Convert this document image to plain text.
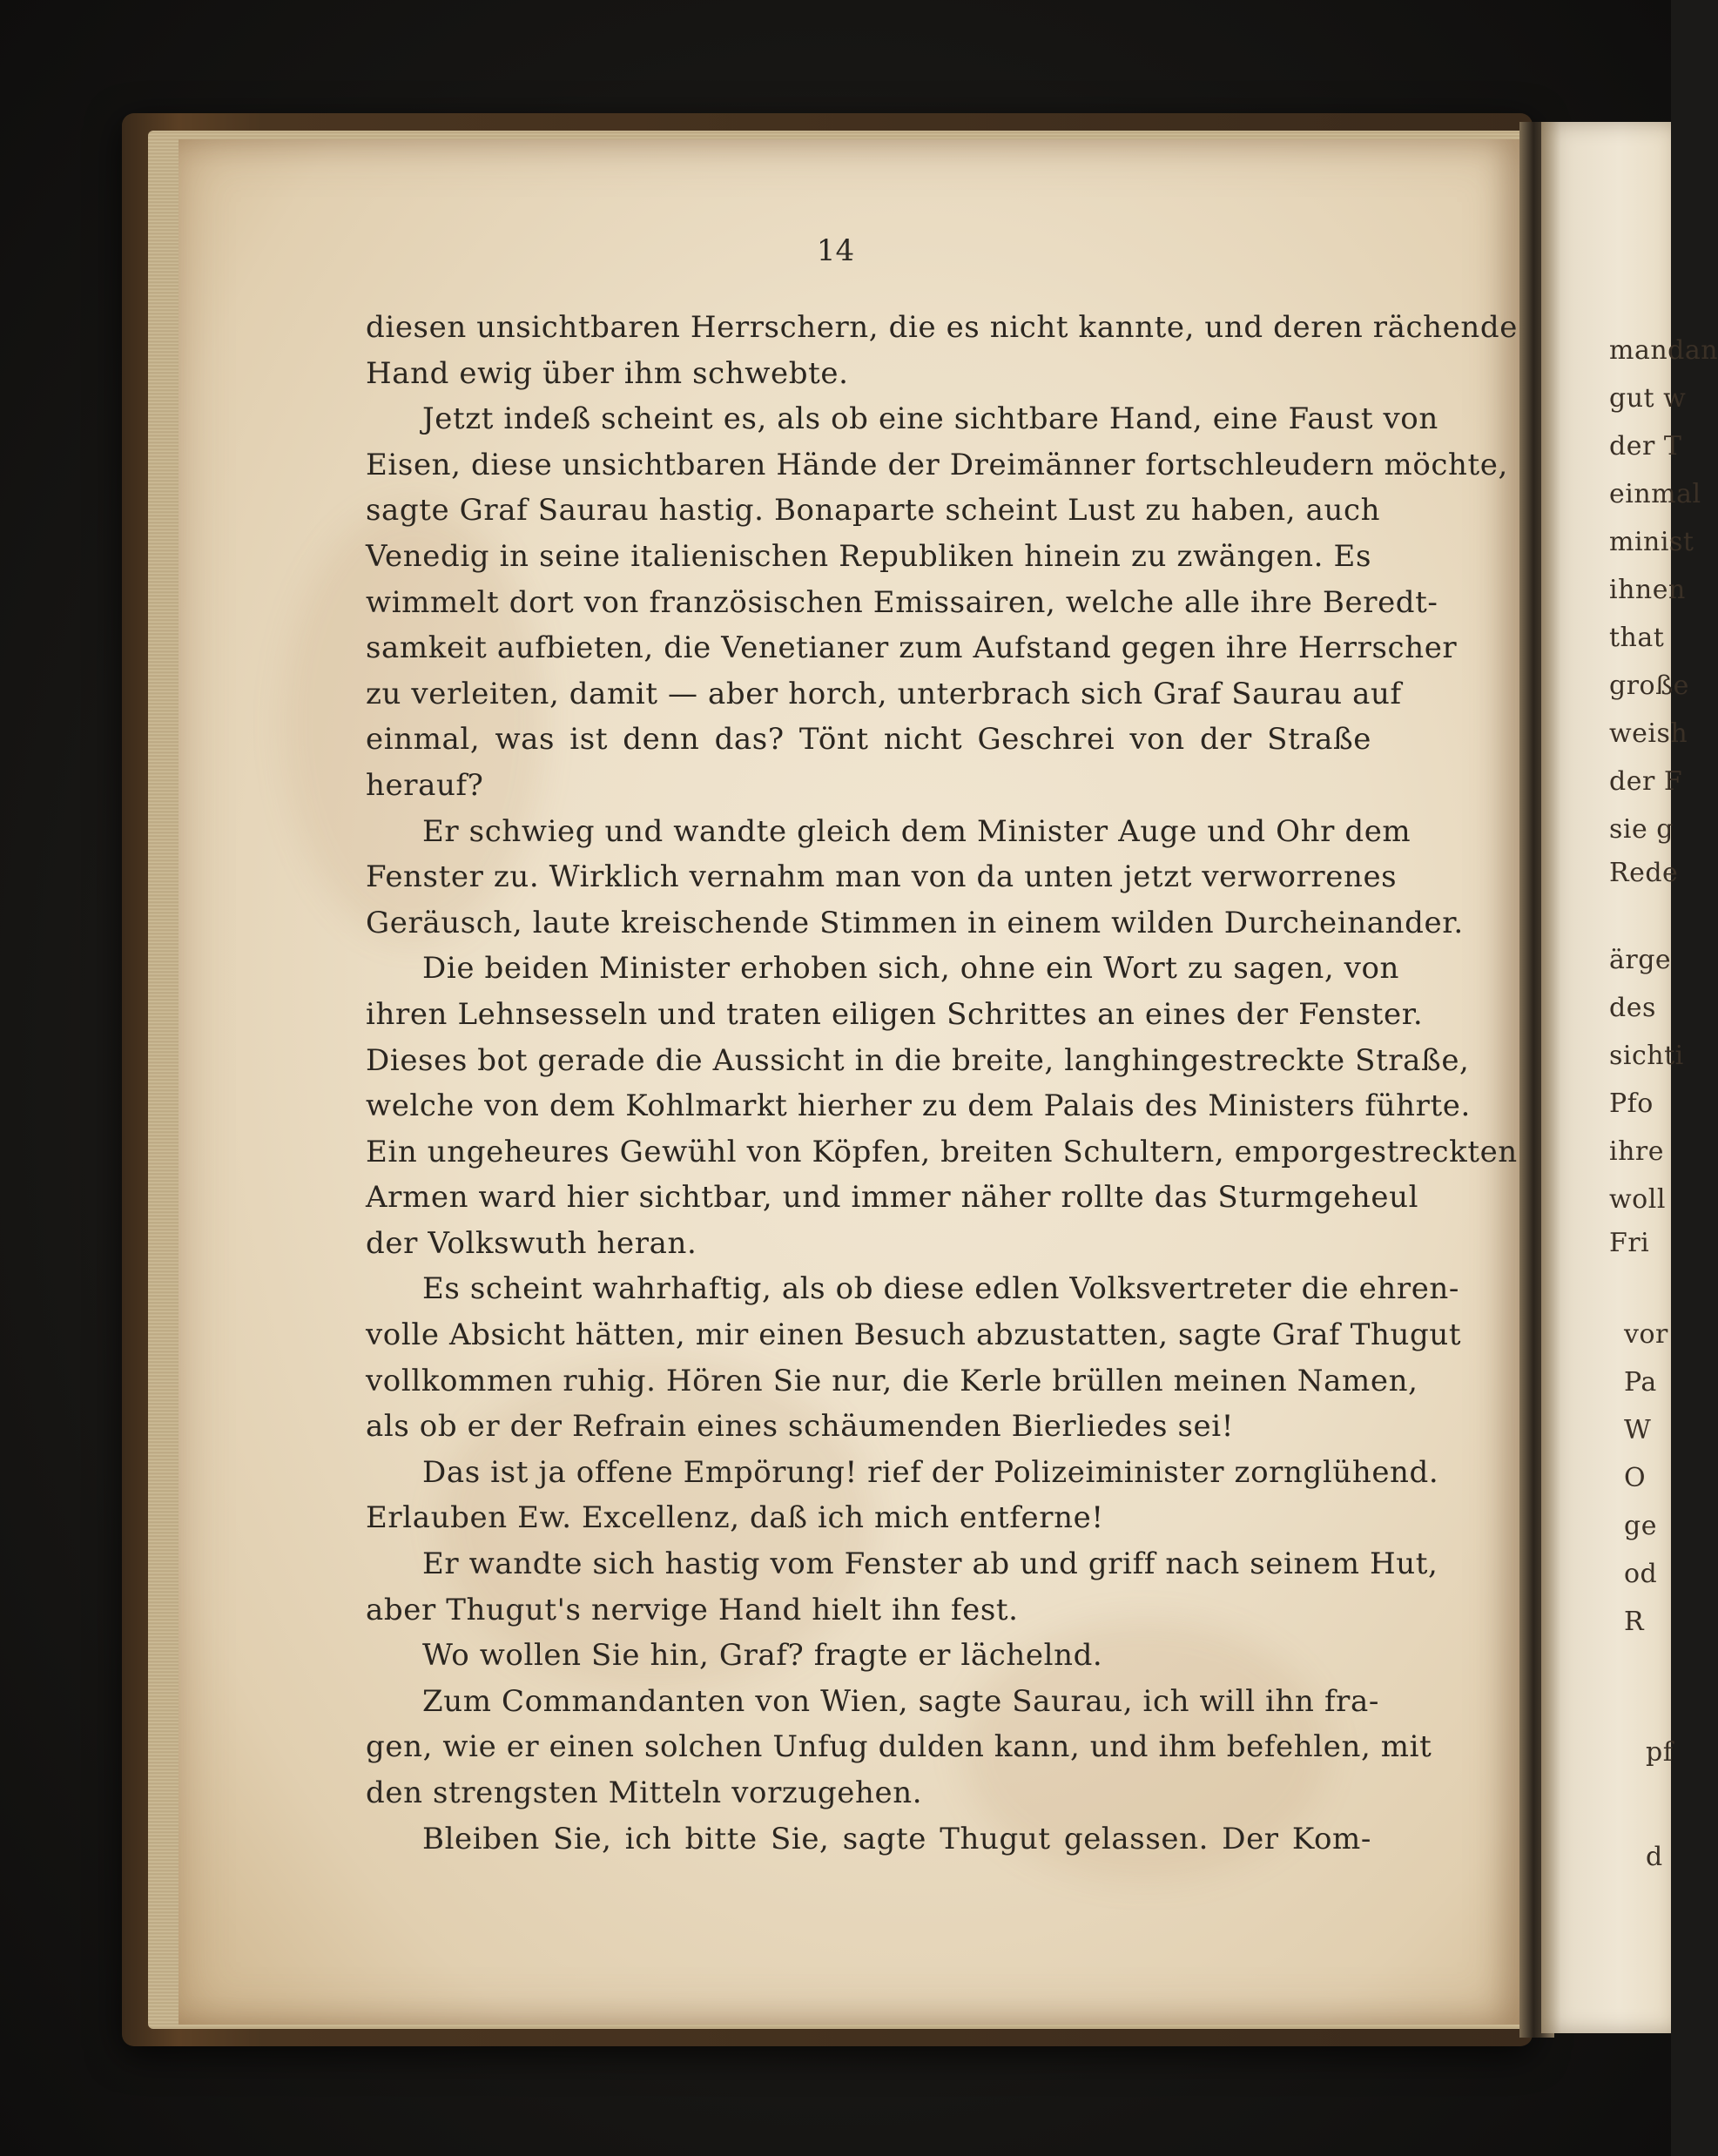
mandan
gut w
der T
einmal
minist
ihnen
that
große
weish
der F
sie g
Rede
ärge
des
sichti
Pfo
ihre
woll
Fri
vor
Pa
W
O
ge
od
R
pf
d
14
diesen unsichtbaren Herrschern, die es nicht kannte, und deren rächende
Hand ewig über ihm schwebte.
Jetzt indeß scheint es, als ob eine sichtbare Hand, eine Faust von
Eisen, diese unsichtbaren Hände der Dreimänner fortschleudern möchte,
sagte Graf Saurau hastig. Bonaparte scheint Lust zu haben, auch
Venedig in seine italienischen Republiken hinein zu zwängen. Es
wimmelt dort von französischen Emissairen, welche alle ihre Beredt-
samkeit aufbieten, die Venetianer zum Aufstand gegen ihre Herrscher
zu verleiten, damit — aber horch, unterbrach sich Graf Saurau auf
einmal, was ist denn das? Tönt nicht Geschrei von der Straße
herauf?
Er schwieg und wandte gleich dem Minister Auge und Ohr dem
Fenster zu. Wirklich vernahm man von da unten jetzt verworrenes
Geräusch, laute kreischende Stimmen in einem wilden Durcheinander.
Die beiden Minister erhoben sich, ohne ein Wort zu sagen, von
ihren Lehnsesseln und traten eiligen Schrittes an eines der Fenster.
Dieses bot gerade die Aussicht in die breite, langhingestreckte Straße,
welche von dem Kohlmarkt hierher zu dem Palais des Ministers führte.
Ein ungeheures Gewühl von Köpfen, breiten Schultern, emporgestreckten
Armen ward hier sichtbar, und immer näher rollte das Sturmgeheul
der Volkswuth heran.
Es scheint wahrhaftig, als ob diese edlen Volksvertreter die ehren-
volle Absicht hätten, mir einen Besuch abzustatten, sagte Graf Thugut
vollkommen ruhig. Hören Sie nur, die Kerle brüllen meinen Namen,
als ob er der Refrain eines schäumenden Bierliedes sei!
Das ist ja offene Empörung! rief der Polizeiminister zornglühend.
Erlauben Ew. Excellenz, daß ich mich entferne!
Er wandte sich hastig vom Fenster ab und griff nach seinem Hut,
aber Thugut's nervige Hand hielt ihn fest.
Wo wollen Sie hin, Graf? fragte er lächelnd.
Zum Commandanten von Wien, sagte Saurau, ich will ihn fra-
gen, wie er einen solchen Unfug dulden kann, und ihm befehlen, mit
den strengsten Mitteln vorzugehen.
Bleiben Sie, ich bitte Sie, sagte Thugut gelassen. Der Kom-
